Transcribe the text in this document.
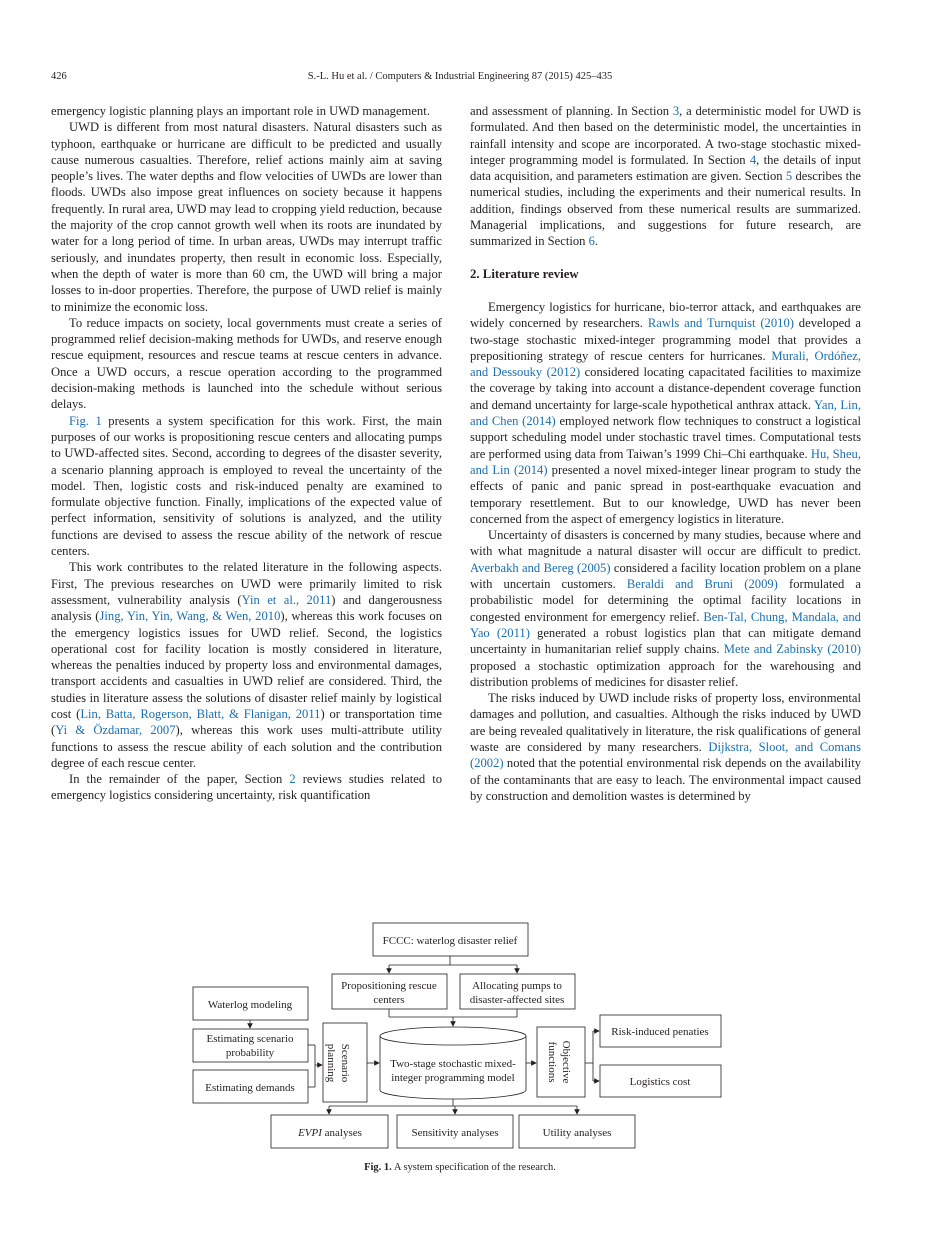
426	S.-L. Hu et al. / Computers & Industrial Engineering 87 (2015) 425–435

emergency logistic planning plays an important role in UWD management.

UWD is different from most natural disasters. Natural disasters such as typhoon, earthquake or hurricane are difficult to be predicted and usually cause numerous casualties. Therefore, relief actions mainly aim at saving people’s lives. The water depths and flow velocities of UWDs are lower than floods. UWDs also impose great influences on society because it happens frequently. In rural area, UWD may lead to cropping yield reduction, because the majority of the crop cannot growth well when its roots are inundated by water for a long period of time. In urban areas, UWDs may interrupt traffic seriously, and inundates property, then result in economic loss. Especially, when the depth of water is more than 60 cm, the UWD will bring a major losses to in-door properties. Therefore, the purpose of UWD relief is mainly to minimize the economic loss.

To reduce impacts on society, local governments must create a series of programmed relief decision-making methods for UWDs, and reserve enough rescue equipment, resources and rescue teams at rescue centers in advance. Once a UWD occurs, a rescue operation according to the programmed decision-making methods is launched into the schedule without serious delays.

Fig. 1 presents a system specification for this work. First, the main purposes of our works is propositioning rescue centers and allocating pumps to UWD-affected sites. Second, according to degrees of the disaster severity, a scenario planning approach is employed to reveal the uncertainty of the model. Then, logistic costs and risk-induced penalty are examined to formulate objective function. Finally, implications of the expected value of perfect information, sensitivity of solutions is analyzed, and the utility functions are devised to assess the rescue ability of the network of rescue centers.

This work contributes to the related literature in the following aspects. First, The previous researches on UWD were primarily limited to risk assessment, vulnerability analysis (Yin et al., 2011) and dangerousness analysis (Jing, Yin, Yin, Wang, & Wen, 2010), whereas this work focuses on the emergency logistics issues for UWD relief. Second, the logistics operational cost for facility location is mostly considered in literature, whereas the penalties induced by property loss and environmental damages, transport accidents and casualties in UWD relief are considered. Third, the studies in literature assess the solutions of disaster relief mainly by logistical cost (Lin, Batta, Rogerson, Blatt, & Flanigan, 2011) or transportation time (Yi & Özdamar, 2007), whereas this work uses multi-attribute utility functions to assess the rescue ability of each solution and the contribution degree of each rescue center.

In the remainder of the paper, Section 2 reviews studies related to emergency logistics considering uncertainty, risk quantification

and assessment of planning. In Section 3, a deterministic model for UWD is formulated. And then based on the deterministic model, the uncertainties in rainfall intensity and scope are incorporated. A two-stage stochastic mixed-integer programming model is formulated. In Section 4, the details of input data acquisition, and parameters estimation are given. Section 5 describes the numerical studies, including the experiments and their numerical results. In addition, findings observed from these numerical results are summarized. Managerial implications, and suggestions for future research, are summarized in Section 6.

2. Literature review

Emergency logistics for hurricane, bio-terror attack, and earthquakes are widely concerned by researchers. Rawls and Turnquist (2010) developed a two-stage stochastic mixed-integer programming model that provides a prepositioning strategy of rescue centers for hurricanes. Murali, Ordóñez, and Dessouky (2012) considered locating capacitated facilities to maximize the coverage by taking into account a distance-dependent coverage function and demand uncertainty for large-scale hypothetical anthrax attack. Yan, Lin, and Chen (2014) employed network flow techniques to construct a logistical support scheduling model under stochastic travel times. Computational tests are performed using data from Taiwan’s 1999 Chi–Chi earthquake. Hu, Sheu, and Lin (2014) presented a novel mixed-integer linear program to study the effects of panic and panic spread in post-earthquake evacuation and temporary resettlement. But to our knowledge, UWD has never been concerned from the aspect of emergency logistics in literature.

Uncertainty of disasters is concerned by many studies, because where and with what magnitude a natural disaster will occur are difficult to predict. Averbakh and Bereg (2005) considered a facility location problem on a plane with uncertain customers. Beraldi and Bruni (2009) formulated a probabilistic model for determining the optimal facility locations in congested environment for emergency relief. Ben-Tal, Chung, Mandala, and Yao (2011) generated a robust logistics plan that can mitigate demand uncertainty in humanitarian relief supply chains. Mete and Zabinsky (2010) proposed a stochastic optimization approach for the warehousing and distribution problems of medicines for disaster relief.

The risks induced by UWD include risks of property loss, environmental damages and pollution, and casualties. Although the risks induced by UWD are being revealed qualitatively in literature, the risk qualifications of general waste are considered by many researchers. Dijkstra, Sloot, and Comans (2002) noted that the potential environmental risk depends on the availability of the contaminants that are easy to leach. The environmental impact caused by construction and demolition wastes is determined by

FCCC: waterlog disaster relief
Propositioning rescue
centers
Allocating pumps to
disaster-affected sites
Waterlog modeling
Estimating scenario
probability
Estimating demands
Two-stage stochastic mixed-
integer programming model
Risk-induced penaties
Logistics cost
EVPI analyses	Sensitivity analyses	Utility analyses
Scenario
planning	Objective
functions
Fig. 1. A system specification of the research.
